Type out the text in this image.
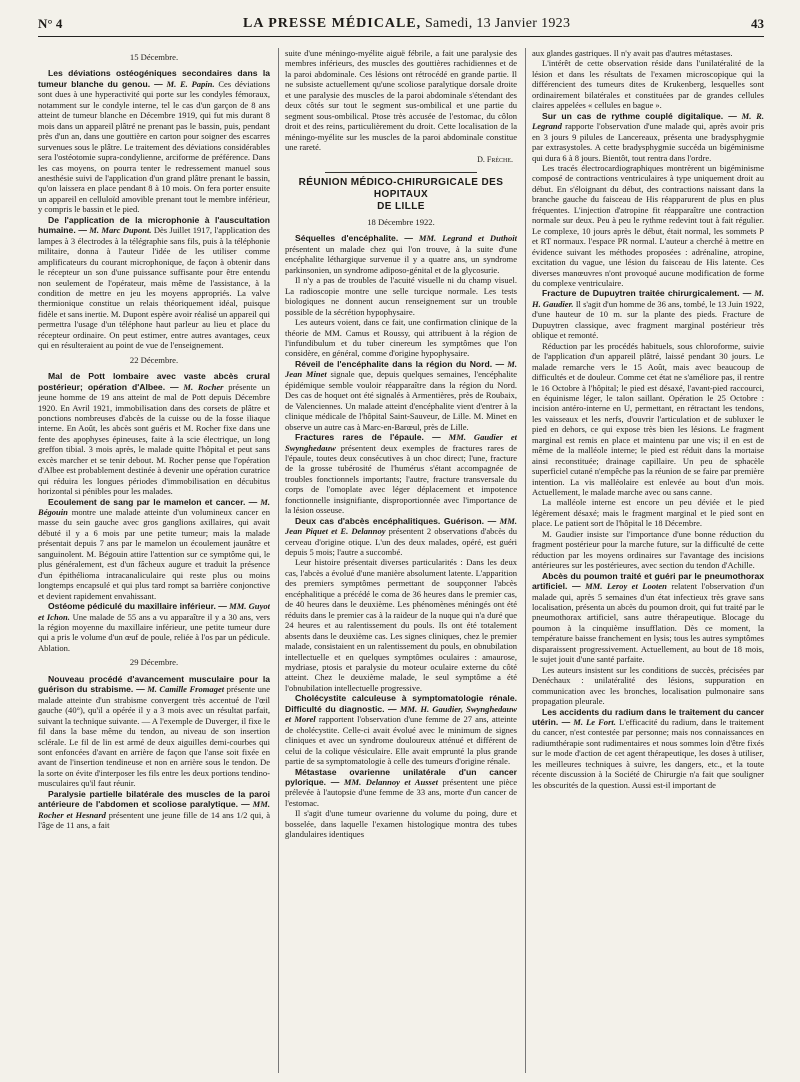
N° 4	LA PRESSE MÉDICALE, Samedi, 13 Janvier 1923	43

15 Décembre.

Les déviations ostéogéniques secondaires dans la tumeur blanche du genou. — M. E. Papin. Ces déviations sont dues à une hyperactivité qui porte sur les condyles fémoraux, notamment sur le condyle interne, tel le cas d'un garçon de 8 ans atteint de tumeur blanche en Décembre 1919, qui fut mis durant 8 mois dans un appareil plâtré ne prenant pas le bassin, puis, pendant près d'un an, dans une gouttière en carton pour soigner des escarres survenues sous le plâtre. Le traitement des déviations considérables sera l'ostéotomie supra-condylienne, arciforme de préférence. Dans les cas moyens, on pourra tenter le redressement manuel sous anesthésie suivi de l'application d'un grand plâtre prenant le bassin, qu'on laissera en place pendant 8 à 10 mois. On fera porter ensuite un appareil en celluloïd amovible prenant tout le membre inférieur, y compris le bassin et le pied.

De l'application de la microphonie à l'auscultation humaine. — M. Marc Dupont. Dès Juillet 1917, l'application des lampes à 3 électrodes à la télégraphie sans fils, puis à la téléphonie militaire, donna à l'auteur l'idée de les utiliser comme amplificateurs du courant microphonique, de façon à obtenir dans le récepteur un son d'une puissance suffisante pour être entendu non seulement de l'opérateur, mais même de l'assistance, à la condition de mettre en jeu les moyens appropriés. La valve thermionique constitue un relais théoriquement idéal, puisque fidèle et sans inertie. M. Dupont espère avoir réalisé un appareil qui permettra l'usage d'un téléphone haut parleur au lieu et place du récepteur ordinaire. On peut estimer, entre autres avantages, ceux qui en résulteraient au point de vue de l'enseignement.

22 Décembre.

Mal de Pott lombaire avec vaste abcès crural postérieur; opération d'Albee. — M. Rocher présente un jeune homme de 19 ans atteint de mal de Pott depuis Décembre 1920. En Avril 1921, immobilisation dans des corsets de plâtre et ponctions nombreuses d'abcès de la cuisse ou de la fosse iliaque interne. En Août, les abcès sont guéris et M. Rocher fixe dans une fente des apophyses épineuses, faite à la scie électrique, un long greffon tibial. 3 mois après, le malade quitte l'hôpital et peut sans excès marcher et se tenir debout. M. Rocher pense que l'opération d'Albee est probablement destinée à devenir une opération curatrice qui réduira les longues périodes d'immobilisation en décubitus horizontal si pénibles pour les malades.

Ecoulement de sang par le mamelon et cancer. — M. Bégouin montre une malade atteinte d'un volumineux cancer en masse du sein gauche avec gros ganglions axillaires, qui avait débuté il y a 6 mois par une petite tumeur; mais la malade présentait depuis 7 ans par le mamelon un écoulement jaunâtre et sanguinolent. M. Bégouin attire l'attention sur ce symptôme qui, le plus généralement, est d'un fâcheux augure et traduit la présence d'un épithélioma intracanaliculaire qui reste plus ou moins longtemps encapsulé et qui plus tard rompt sa barrière conjonctive et devient rapidement envahissant.

Ostéome pédiculé du maxillaire inférieur. — MM. Guyot et Ichon. Une malade de 55 ans a vu apparaître il y a 30 ans, vers la région moyenne du maxillaire inférieur, une petite tumeur dure qui a pris le volume d'un œuf de poule, reliée à l'os par un pédicule. Ablation.

29 Décembre.

Nouveau procédé d'avancement musculaire pour la guérison du strabisme. — M. Camille Fromaget présente une malade atteinte d'un strabisme convergent très accentué de l'œil gauche (40°), qu'il a opérée il y a 3 mois avec un résultat parfait, suivant la technique suivante. — A l'exemple de Duverger, il fixe le fil dans la base même du tendon, au niveau de son insertion sclérale. Le fil de lin est armé de deux aiguilles demi-courbes qui sont enfoncées d'avant en arrière de façon que l'anse soit fixée en avant de l'insertion tendineuse et non en arrière sous le tendon. De la sorte on évite d'interposer les fils entre les deux portions tendino-musculaires qu'il faut réunir.

Paralysie partielle bilatérale des muscles de la paroi antérieure de l'abdomen et scoliose paralytique. — MM. Rocher et Hesnard présentent une jeune fille de 14 ans 1/2 qui, à l'âge de 11 ans, a fait

suite d'une méningo-myélite aiguë fébrile, a fait une paralysie des membres inférieurs, des muscles des gouttières rachidiennes et de la paroi abdominale. Ces lésions ont rétrocédé en grande partie. Il ne subsiste actuellement qu'une scoliose paralytique dorsale droite et une paralysie des muscles de la paroi abdominale s'étendant des deux côtés sur tout le segment sus-ombilical et une partie du segment sous-ombilical. Ptose très accusée de l'estomac, du côlon droit et des reins, particulièrement du droit. Cette localisation de la méningo-myélite sur les muscles de la paroi abdominale constitue une rareté.

D. Fréche.

RÉUNION MÉDICO-CHIRURGICALE DES HOPITAUX
DE LILLE

18 Décembre 1922.

Séquelles d'encéphalite. — MM. Legrand et Duthoit présentent un malade chez qui l'on trouve, à la suite d'une encéphalite léthargique survenue il y a quatre ans, un syndrome parkinsonien, un syndrome adiposo-génital et de la glycosurie.

Il n'y a pas de troubles de l'acuité visuelle ni du champ visuel. La radioscopie montre une selle turcique normale. Les tests biologiques ne donnent aucun renseignement sur un trouble possible de la sécrétion hypophysaire.

Les auteurs voient, dans ce fait, une confirmation clinique de la théorie de MM. Camus et Roussy, qui attribuent à la région de l'infundibulum et du tuber cinereum les symptômes que l'on considère, en général, comme d'origine hypophysaire.

Réveil de l'encéphalite dans la région du Nord. — M. Jean Minet signale que, depuis quelques semaines, l'encéphalite épidémique semble vouloir réapparaître dans la région du Nord. Des cas de hoquet ont été signalés à Armentières, près de Roubaix, de Valenciennes. Un malade atteint d'encéphalite vient d'entrer à la clinique médicale de l'hôpital Saint-Sauveur, de Lille. M. Minet en observe un autre cas à Marc-en-Barœul, près de Lille.

Fractures rares de l'épaule. — MM. Gaudier et Swynghedauw présentent deux exemples de fractures rares de l'épaule, toutes deux consécutives à un choc direct; l'une, fracture de la grosse tubérosité de l'humérus s'étant accompagnée de troubles fonctionnels importants; l'autre, fracture transversale du corps de l'omoplate avec léger déplacement et impotence fonctionnelle insignifiante, disproportionnée avec l'importance de la lésion osseuse.

Deux cas d'abcès encéphalitiques. Guérison. — MM. Jean Piquet et E. Delannoy présentent 2 observations d'abcès du cerveau d'origine otique. L'un des deux malades, opéré, est guéri depuis 5 mois; l'autre a succombé.

Leur histoire présentait diverses particularités : Dans les deux cas, l'abcès a évolué d'une manière absolument latente. L'apparition des premiers symptômes permettant de soupçonner l'abcès encéphalitique a précédé le coma de 36 heures dans le premier cas, de 40 heures dans le deuxième. Les phénomènes méningés ont été réduits dans le premier cas à la raideur de la nuque qui n'a duré que 24 heures et au ralentissement du pouls. Ils ont été totalement absents dans le deuxième cas. Les signes cliniques, chez le premier malade, consistaient en un ralentissement du pouls, en obnubilation intellectuelle et en quelques symptômes oculaires : amaurose, mydriase, ptosis et paralysie du moteur oculaire externe du côté atteint. Chez le deuxième malade, le seul symptôme a été l'obnubilation intellectuelle progressive.

Cholécystite calculeuse à symptomatologie rénale. Difficulté du diagnostic. — MM. H. Gaudier, Swynghedauw et Morel rapportent l'observation d'une femme de 27 ans, atteinte de cholécystite. Celle-ci avait évolué avec le minimum de signes cliniques et avec un syndrome douloureux atténué et différent de celui de la colique vésiculaire. Elle avait emprunté la plus grande partie de sa symptomatologie à celle des tumeurs d'origine rénale.

Métastase ovarienne unilatérale d'un cancer pylorique. — MM. Delannoy et Ausset présentent une pièce prélevée à l'autopsie d'une femme de 33 ans, morte d'un cancer de l'estomac.

Il s'agit d'une tumeur ovarienne du volume du poing, dure et bosselée, dans laquelle l'examen histologique montra des tubes glandulaires identiques

aux glandes gastriques. Il n'y avait pas d'autres métastases.

L'intérêt de cette observation réside dans l'unilatéralité de la lésion et dans les résultats de l'examen microscopique qui la différencient des tumeurs dites de Krukenberg, lesquelles sont ordinairement bilatérales et constituées par de grandes cellules claires appelées « cellules en bague ».

Sur un cas de rythme couplé digitalique. — M. R. Legrand rapporte l'observation d'une malade qui, après avoir pris en 3 jours 9 pilules de Lancereaux, présenta une bradysphygmie par extrasystoles. A cette bradysphygmie succéda un bigéminisme qui dura 6 à 8 jours. Bientôt, tout rentra dans l'ordre.

Les tracés électrocardiographiques montrèrent un bigéminisme composé de contractions ventriculaires à type uniquement droit au début. En s'éloignant du début, des contractions naissant dans la branche gauche du faisceau de His réapparurent de plus en plus fréquentes. L'injection d'atropine fit réapparaître une contraction normale sur deux. Peu à peu le rythme redevint tout à fait régulier. Le complexe, 10 jours après le début, était normal, les sommets P et RT normaux. l'espace PR normal. L'auteur a cherché à mettre en évidence suivant les méthodes proposées : adrénaline, atropine, excitation du vague, une lésion du faisceau de His latente. Ces diverses manœuvres n'ont provoqué aucune modification de forme du complexe ventriculaire.

Fracture de Dupuytren traitée chirurgicalement. — M. H. Gaudier. Il s'agit d'un homme de 36 ans, tombé, le 13 Juin 1922, d'une hauteur de 10 m. sur la plante des pieds. Fracture de Dupuytren classique, avec fragment marginal postérieur très oblique et remonté.

Réduction par les procédés habituels, sous chloroforme, suivie de l'application d'un appareil plâtré, laissé pendant 30 jours. Le malade remarche vers le 15 Août, mais avec beaucoup de difficultés et de douleur. Comme cet état ne s'améliore pas, il rentre le 16 Octobre à l'hôpital; le pied est désaxé, l'avant-pied raccourci, en équinisme léger, le talon saillant. Opération le 25 Octobre : incision antéro-interne en U, permettant, en rétractant les tendons, les vaisseaux et les nerfs, d'ouvrir l'articulation et de subluxer le pied en dehors, ce qui expose très bien les lésions. Le fragment marginal est remis en place et maintenu par une vis; il en est de même de la malléole interne; le pied est réduit dans la mortaise ainsi reconstituée; drainage capillaire. Un peu de sphacèle superficiel cutané n'empêche pas la réunion de se faire par première intention. La vis malléolaire est enlevée au bout d'un mois. Actuellement, le malade marche avec ou sans canne.

La malléole interne est encore un peu déviée et le pied légèrement désaxé; mais le fragment marginal et le pied sont en place. Le patient sort de l'hôpital le 18 Décembre.

M. Gaudier insiste sur l'importance d'une bonne réduction du fragment postérieur pour la marche future, sur la difficulté de cette réduction par les moyens ordinaires sur l'avantage des incisions antérieures sur les postérieures, avec section du tendon d'Achille.

Abcès du poumon traité et guéri par le pneumothorax artificiel. — MM. Leroy et Looten relatent l'observation d'un malade qui, après 5 semaines d'un état infectieux très grave sans localisation, présenta un abcès du poumon droit, qui fut traité par le pneumothorax artificiel, sans autre thérapeutique. Blocage du poumon à la cinquième insufflation. Dès ce moment, la température baisse franchement en lysis; tous les autres symptômes disparaissent progressivement. Actuellement, au bout de 18 mois, le sujet jouit d'une santé parfaite.

Les auteurs insistent sur les conditions de succès, précisées par Denéchaux : unilatéralité des lésions, suppuration en communication avec les bronches, localisation pulmonaire sans propagation pleurale.

Les accidents du radium dans le traitement du cancer utérin. — M. Le Fort. L'efficacité du radium, dans le traitement du cancer, n'est contestée par personne; mais nos connaissances en radiumthérapie sont rudimentaires et nous sommes loin d'être fixés sur le mode d'action de cet agent thérapeutique, les doses à utiliser, les meilleures techniques à suivre, les dangers, etc., et la toute récente discussion à la Société de Chirurgie n'a fait que souligner les obscurités de la question. Aussi est-il important de
